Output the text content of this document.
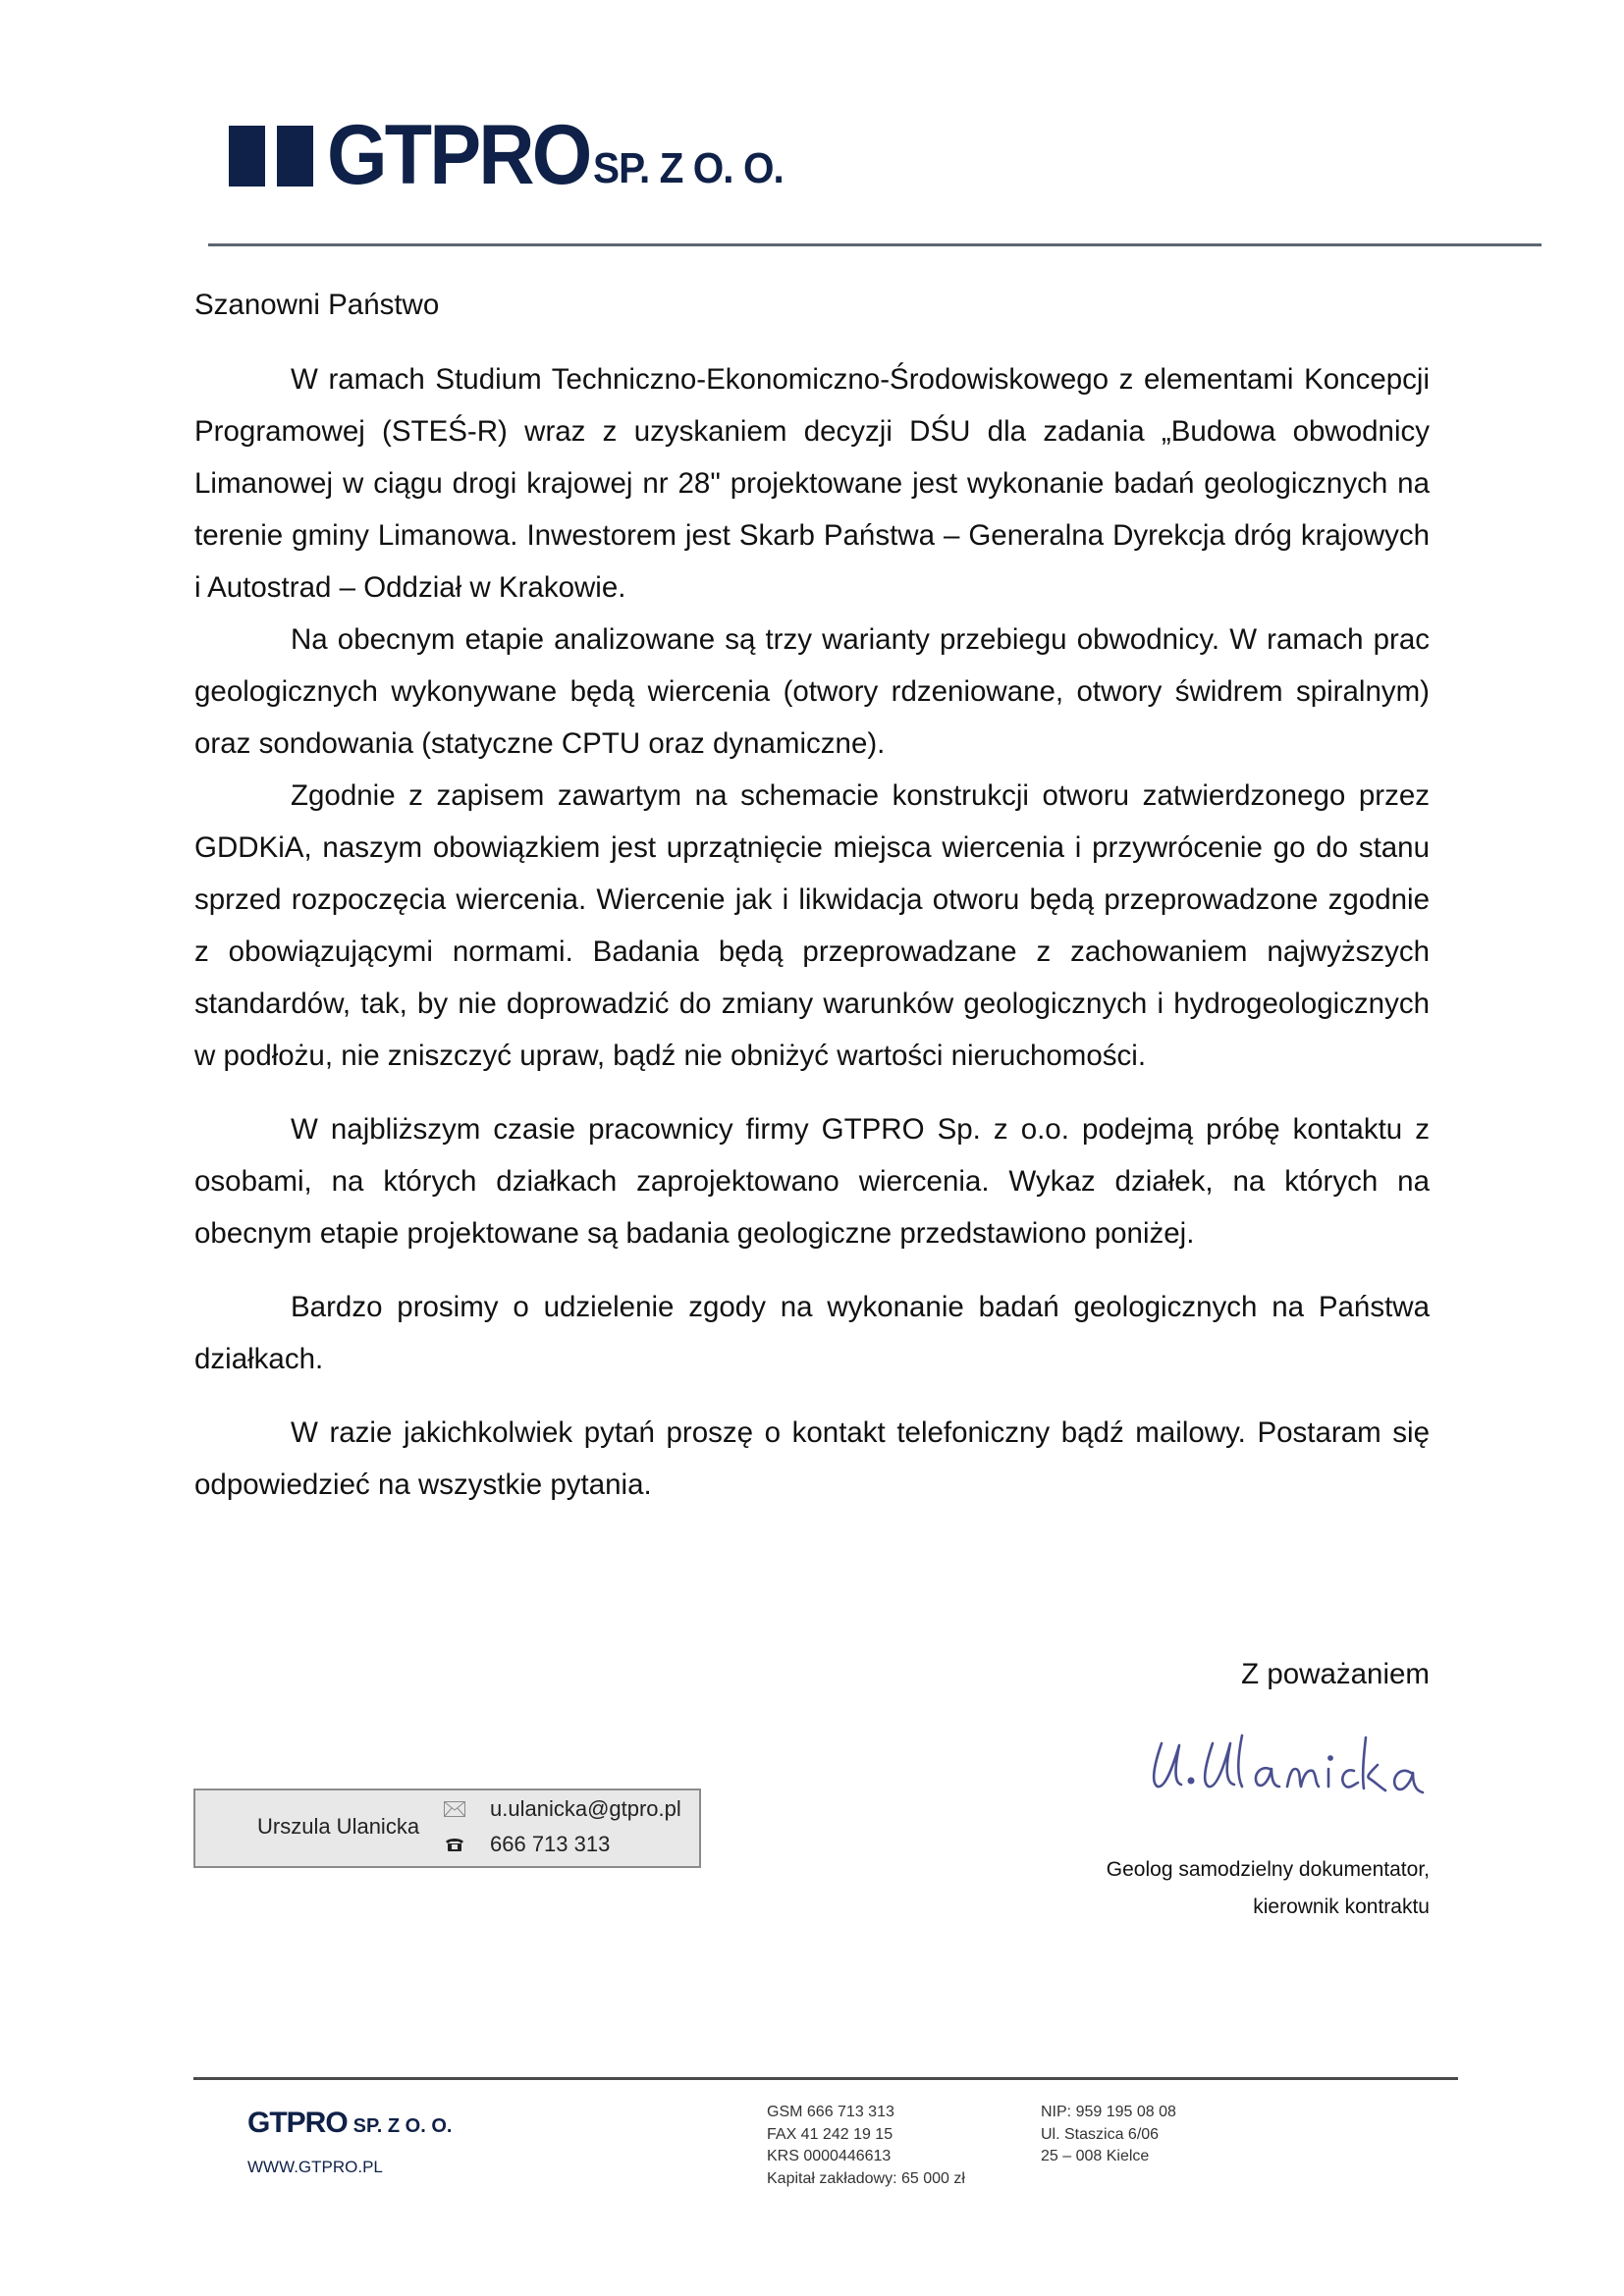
GTPRO SP. Z O. O.

Szanowni Państwo

W ramach Studium Techniczno-Ekonomiczno-Środowiskowego z elementami Koncepcji Programowej (STEŚ-R) wraz z uzyskaniem decyzji DŚU dla zadania „Budowa obwodnicy Limanowej w ciągu drogi krajowej nr 28" projektowane jest wykonanie badań geologicznych na terenie gminy Limanowa. Inwestorem jest Skarb Państwa – Generalna Dyrekcja dróg krajowych i Autostrad – Oddział w Krakowie.

Na obecnym etapie analizowane są trzy warianty przebiegu obwodnicy. W ramach prac geologicznych wykonywane będą wiercenia (otwory rdzeniowane, otwory świdrem spiralnym) oraz sondowania (statyczne CPTU oraz dynamiczne).

Zgodnie z zapisem zawartym na schemacie konstrukcji otworu zatwierdzonego przez GDDKiA, naszym obowiązkiem jest uprzątnięcie miejsca wiercenia i przywrócenie go do stanu sprzed rozpoczęcia wiercenia. Wiercenie jak i likwidacja otworu będą przeprowadzone zgodnie z obowiązującymi normami. Badania będą przeprowadzane z zachowaniem najwyższych standardów, tak, by nie doprowadzić do zmiany warunków geologicznych i hydrogeologicznych w podłożu, nie zniszczyć upraw, bądź nie obniżyć wartości nieruchomości.

W najbliższym czasie pracownicy firmy GTPRO Sp. z o.o. podejmą próbę kontaktu z osobami, na których działkach zaprojektowano wiercenia. Wykaz działek, na których na obecnym etapie projektowane są badania geologiczne przedstawiono poniżej.

Bardzo prosimy o udzielenie zgody na wykonanie badań geologicznych na Państwa działkach.

W razie jakichkolwiek pytań proszę o kontakt telefoniczny bądź mailowy. Postaram się odpowiedzieć na wszystkie pytania.

Z poważaniem
Geolog samodzielny dokumentator,
kierownik kontraktu
Urszula Ulanicka
u.ulanicka@gtpro.pl
666 713 313
GTPRO SP. Z O. O.
WWW.GTPRO.PL
GSM 666 713 313
FAX 41 242 19 15
KRS 0000446613
Kapitał zakładowy: 65 000 zł
NIP: 959 195 08 08
Ul. Staszica 6/06
25 – 008 Kielce
